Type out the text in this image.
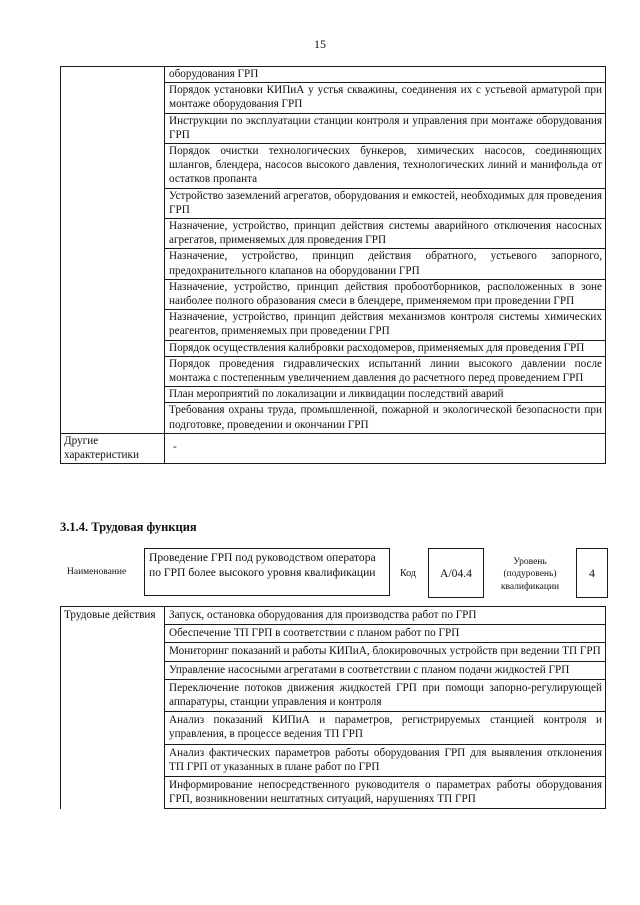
15
	оборудования ГРП
	Порядок установки КИПиА у устья скважины, соединения их с устьевой арматурой при монтаже оборудования ГРП
	Инструкции по эксплуатации станции контроля и управления при монтаже оборудования ГРП
	Порядок очистки технологических бункеров, химических насосов, соединяющих шлангов, блендера, насосов высокого давления, технологических линий и манифольда от остатков пропанта
	Устройство заземлений агрегатов, оборудования и емкостей, необходимых для проведения ГРП
	Назначение, устройство, принцип действия системы аварийного отключения насосных агрегатов, применяемых для проведения ГРП
	Назначение, устройство, принцип действия обратного, устьевого запорного, предохранительного клапанов на оборудовании ГРП
	Назначение, устройство, принцип действия пробоотборников, расположенных в зоне наиболее полного образования смеси в блендере, применяемом при проведении ГРП
	Назначение, устройство, принцип действия механизмов контроля системы химических реагентов, применяемых при проведении ГРП
	Порядок осуществления калибровки расходомеров, применяемых для проведения ГРП
	Порядок проведения гидравлических испытаний линии высокого давлении после монтажа с постепенным увеличением давления до расчетного перед проведением ГРП
	План мероприятий по локализации и ликвидации последствий аварий
	Требования охраны труда, промышленной, пожарной и экологической безопасности при подготовке, проведении и окончании ГРП
Другие характеристики	-
3.1.4. Трудовая функция
Наименование
Проведение ГРП под руководством оператора по ГРП более высокого уровня квалификации	Код	А/04.4
Уровень (подуровень) квалификации
4
Трудовые действия	Запуск, остановка оборудования для производства работ по ГРП
Обеспечение ТП ГРП в соответствии с планом работ по ГРП
Мониторинг показаний и работы КИПиА, блокировочных устройств при ведении ТП ГРП
Управление насосными агрегатами в соответствии с планом подачи жидкостей ГРП
Переключение потоков движения жидкостей ГРП при помощи запорно-регулирующей аппаратуры, станции управления и контроля
Анализ показаний КИПиА и параметров, регистрируемых станцией контроля и управления, в процессе ведения ТП ГРП
Анализ фактических параметров работы оборудования ГРП для выявления отклонения ТП ГРП от указанных в плане работ по ГРП
Информирование непосредственного руководителя о параметрах работы оборудования ГРП, возникновении нештатных ситуаций, нарушениях ТП ГРП
